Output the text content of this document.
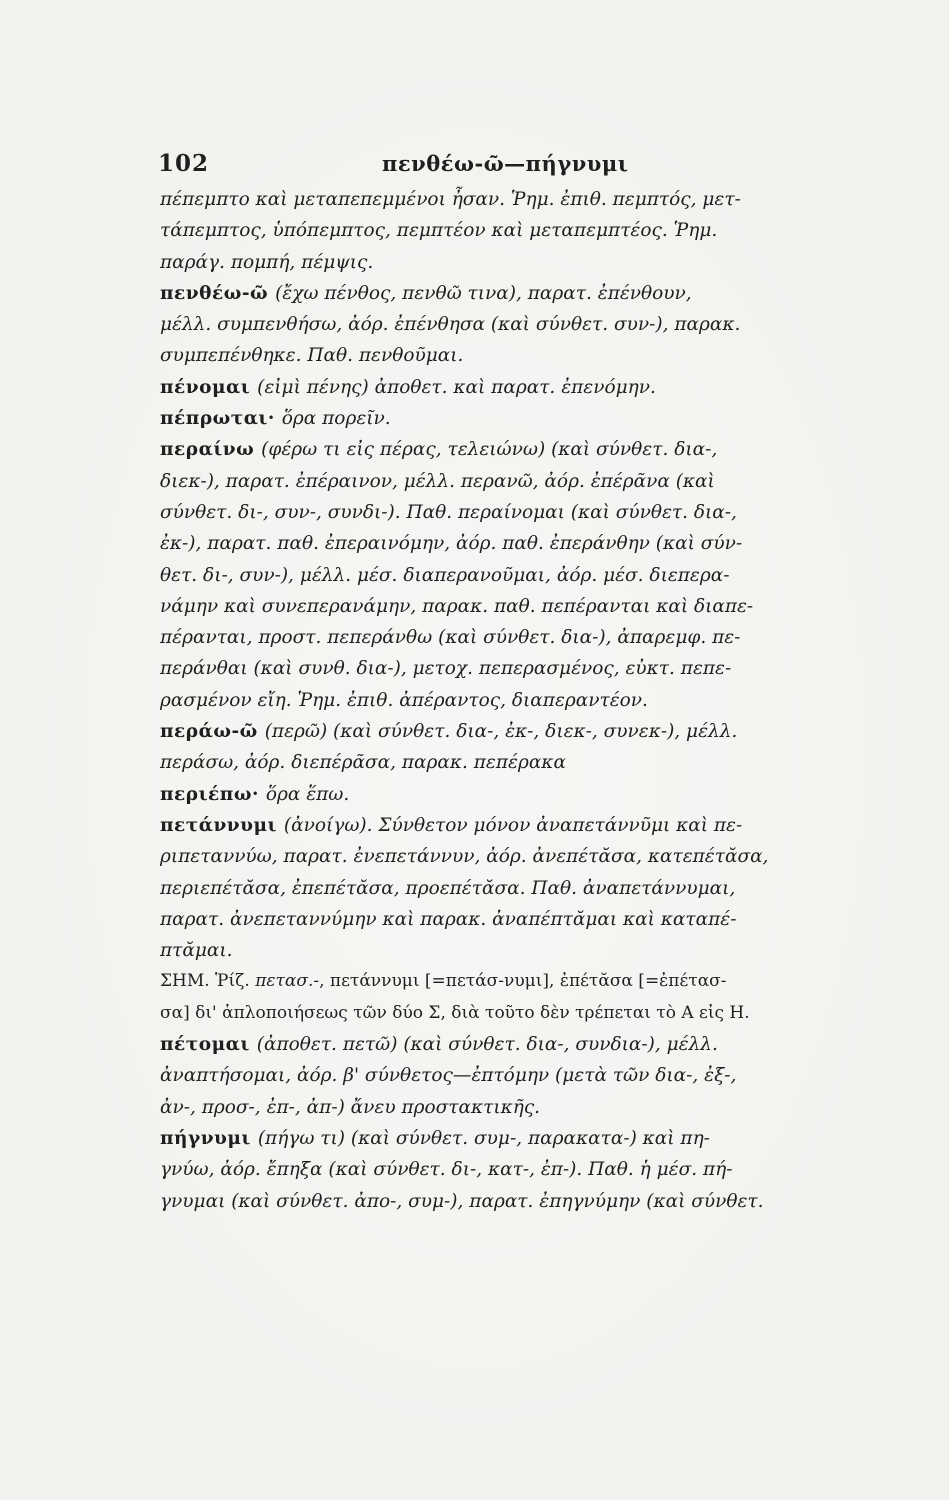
102	πενθέω-ῶ—πήγνυμι
πέπεμπτο καὶ μεταπεπεμμένοι ἦσαν. Ῥημ. ἐπιθ. πεμπτός, μετ-
τάπεμπτος, ὑπόπεμπτος, πεμπτέον καὶ μεταπεμπτέος. Ῥημ.
παράγ. πομπή, πέμψις.
πενθέω-ῶ (ἔχω πένθος, πενθῶ τινα), παρατ. ἐπένθουν,
μέλλ. συμπενθήσω, ἀόρ. ἐπένθησα (καὶ σύνθετ. συν-), παρακ.
συμπεπένθηκε. Παθ. πενθοῦμαι.
πένομαι (εἰμὶ πένης) ἀποθετ. καὶ παρατ. ἐπενόμην.
πέπρωται· ὅρα πορεῖν.
περαίνω (φέρω τι εἰς πέρας, τελειώνω) (καὶ σύνθετ. δια-,
διεκ-), παρατ. ἐπέραινον, μέλλ. περανῶ, ἀόρ. ἐπέρᾶνα (καὶ
σύνθετ. δι-, συν-, συνδι-). Παθ. περαίνομαι (καὶ σύνθετ. δια-,
ἐκ-), παρατ. παθ. ἐπεραινόμην, ἀόρ. παθ. ἐπεράνθην (καὶ σύν-
θετ. δι-, συν-), μέλλ. μέσ. διαπερανοῦμαι, ἀόρ. μέσ. διεπερα-
νάμην καὶ συνεπερανάμην, παρακ. παθ. πεπέρανται καὶ διαπε-
πέρανται, προστ. πεπεράνθω (καὶ σύνθετ. δια-), ἀπαρεμφ. πε-
περάνθαι (καὶ συνθ. δια-), μετοχ. πεπερασμένος, εὐκτ. πεπε-
ρασμένον εἴη. Ῥημ. ἐπιθ. ἀπέραντος, διαπεραντέον.
περάω-ῶ (περῶ) (καὶ σύνθετ. δια-, ἐκ-, διεκ-, συνεκ-), μέλλ.
περάσω, ἀόρ. διεπέρᾶσα, παρακ. πεπέρακα
περιέπω· ὅρα ἕπω.
πετάννυμι (ἀνοίγω). Σύνθετον μόνον ἀναπετάννῦμι καὶ πε-
ριπεταννύω, παρατ. ἐνεπετάννυν, ἀόρ. ἀνεπέτᾰσα, κατεπέτᾰσα,
περιεπέτᾰσα, ἐπεπέτᾰσα, προεπέτᾰσα. Παθ. ἀναπετάννυμαι,
παρατ. ἀνεπεταννύμην καὶ παρακ. ἀναπέπτᾰμαι καὶ καταπέ-
πτᾰμαι.
ΣΗΜ. Ῥίζ. πετασ.-, πετάννυμι [=πετάσ-νυμι], ἐπέτᾰσα [=ἐπέτασ-
σα] δι' ἁπλοποιήσεως τῶν δύο Σ, διὰ τοῦτο δὲν τρέπεται τὸ Α εἰς Η.
πέτομαι (ἀποθετ. πετῶ) (καὶ σύνθετ. δια-, συνδια-), μέλλ.
ἀναπτήσομαι, ἀόρ. β' σύνθετος—ἐπτόμην (μετὰ τῶν δια-, ἐξ-,
ἀν-, προσ-, ἐπ-, ἀπ-) ἄνευ προστακτικῆς.
πήγνυμι (πήγω τι) (καὶ σύνθετ. συμ-, παρακατα-) καὶ πη-
γνύω, ἀόρ. ἔπηξα (καὶ σύνθετ. δι-, κατ-, ἐπ-). Παθ. ἡ μέσ. πή-
γνυμαι (καὶ σύνθετ. ἀπο-, συμ-), παρατ. ἐπηγνύμην (καὶ σύνθετ.
